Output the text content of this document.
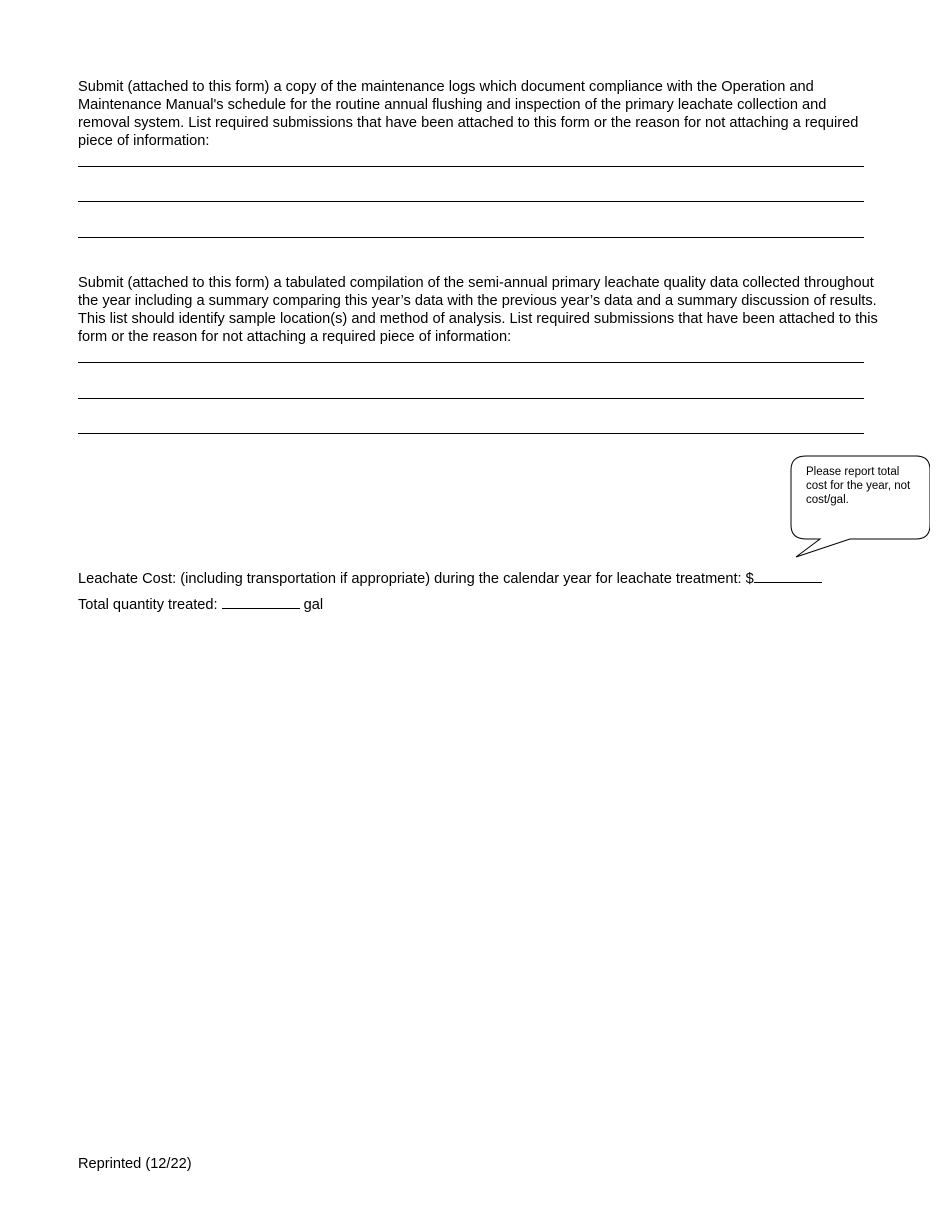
Submit (attached to this form) a copy of the maintenance logs which document compliance with the Operation and Maintenance Manual's schedule for the routine annual flushing and inspection of the primary leachate collection and removal system. List required submissions that have been attached to this form or the reason for not attaching a required piece of information:
Submit (attached to this form) a tabulated compilation of the semi-annual primary leachate quality data collected throughout the year including a summary comparing this year’s data with the previous year’s data and a summary discussion of results. This list should identify sample location(s) and method of analysis. List required submissions that have been attached to this form or the reason for not attaching a required piece of information:
Please report total cost for the year, not cost/gal.
Leachate Cost: (including transportation if appropriate) during the calendar year for leachate treatment: $
Total quantity treated:	gal
Reprinted (12/22)
